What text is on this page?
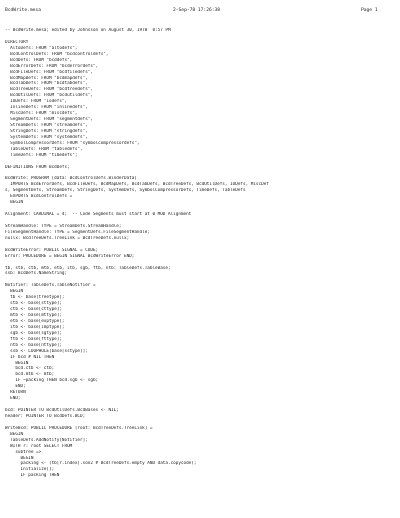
BcdWrite.mesa	2-Sep-78 17:26:38	Page 1
-- BcdWrite.mesa; edited by Johnsson on August 30, 1978  8:57 PM
DIRECTORY
AltoDefs: FROM "altodefs",
BcdControlDefs: FROM "bcdcontroldefs",
BcdDefs: FROM "bcddefs",
BcdErrorDefs: FROM "bcderrordefs",
BcdFileDefs: FROM "bcdfiledefs",
BcdMapDefs: FROM "bcdmapdefs",
BcdTabDefs: FROM "bcdtabdefs",
BcdTreeDefs: FROM "bcdtreedefs",
BcdUtilDefs: FROM "bcdutildefs",
IODefs: FROM "iodefs",
InlineDefs: FROM "inlinedefs",
MiscDefs: FROM "miscdefs",
SegmentDefs: FROM "segmentdefs",
StreamDefs: FROM "streamdefs",
StringDefs: FROM "stringdefs",
SystemDefs: FROM "systemdefs",
SymbolCompressorDefs: FROM "symbolcompressordefs",
TableDefs: FROM "tabledefs",
TimeDefs: FROM "timedefs";
DEFINITIONS FROM BcdDefs;
BcdWrite: PROGRAM [data: BcdControlDefs.BinderData]
IMPORTS BcdErrorDefs, BcdFileDefs, BcdMapDefs, BcdTabDefs, BcdTreeDefs, BcdUtilDefs, IODefs, MiscDef
s, SegmentDefs, StreamDefs, StringDefs, SystemDefs, SymbolCompressorDefs, TimeDefs, TableDefs
EXPORTS BcdControlDefs =
BEGIN
Alignment: CARDINAL = 4;  -- Code Segments must start at 0 MOD Alignment
StreamHandle: TYPE = StreamDefs.StreamHandle;
FileSegmentHandle: TYPE = SegmentDefs.FileSegmentHandle;
nullx: BcdTreeDefs.TreeLink = BcdTreeDefs.nullx;
BcdWriteError: PUBLIC SIGNAL = CODE;
Error: PROCEDURE = BEGIN SIGNAL BcdWriteError END;
tb, stb, ctb, mtb, etb, itb, sgb, ftb, ntb: TableDefs.TableBase;
ssb: BcdDefs.NameString;
Notifier: TableDefs.TableNotifier =
BEGIN
tb <- base[treetype];
stb <- base[sttype];
ctb <- base[cttype];
mtb <- base[mttype];
etb <- base[exptype];
itb <- base[imptype];
sgb <- base[sgtype];
ftb <- base[fttype];
ntb <- base[nttype];
ssb <- LOOPHOLE[base[sstype]];
IF bcd # NIL THEN
BEGIN
bcd.ctb <- ctb;
bcd.mtb <- mtb;
IF ~packing THEN bcd.sgb <- sgb;
END;
RETURN
END;
bcd: POINTER TO BcdUtilDefs.BcdBases <- NIL;
header: POINTER TO BcdDefs.BCD;
WriteBcd: PUBLIC PROCEDURE [root: BcdTreeDefs.TreeLink] =
BEGIN
TableDefs.AddNotify[Notifier];
WITH r: root SELECT FROM
subtree =>
BEGIN
packing <- (tb[r.index].son2 # BcdTreeDefs.empty AND data.copycode);
Initialize[];
IF packing THEN
